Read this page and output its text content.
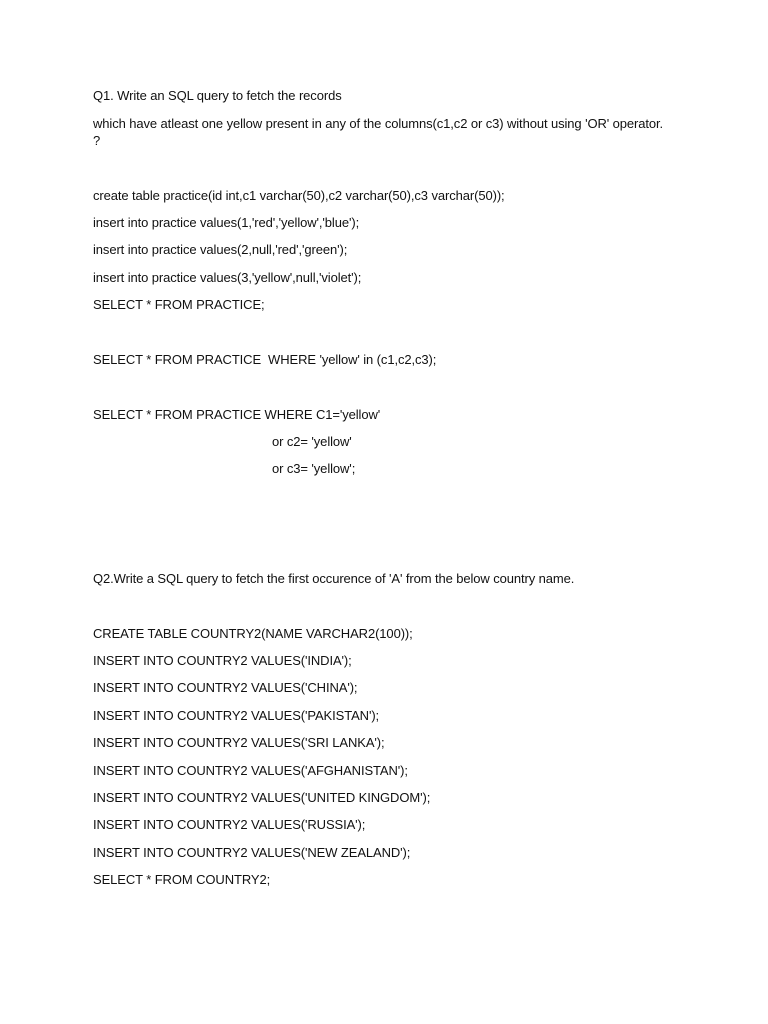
Q1. Write an SQL query to fetch the records
which have atleast one yellow present in any of the columns(c1,c2 or c3) without using 'OR' operator.
?
create table practice(id int,c1 varchar(50),c2 varchar(50),c3 varchar(50));
insert into practice values(1,'red','yellow','blue');
insert into practice values(2,null,'red','green');
insert into practice values(3,'yellow',null,'violet');
SELECT * FROM PRACTICE;
SELECT * FROM PRACTICE  WHERE 'yellow' in (c1,c2,c3);
SELECT * FROM PRACTICE WHERE C1='yellow'
or c2= 'yellow'
or c3= 'yellow';
Q2.Write a SQL query to fetch the first occurence of 'A' from the below country name.
CREATE TABLE COUNTRY2(NAME VARCHAR2(100));
INSERT INTO COUNTRY2 VALUES('INDIA');
INSERT INTO COUNTRY2 VALUES('CHINA');
INSERT INTO COUNTRY2 VALUES('PAKISTAN');
INSERT INTO COUNTRY2 VALUES('SRI LANKA');
INSERT INTO COUNTRY2 VALUES('AFGHANISTAN');
INSERT INTO COUNTRY2 VALUES('UNITED KINGDOM');
INSERT INTO COUNTRY2 VALUES('RUSSIA');
INSERT INTO COUNTRY2 VALUES('NEW ZEALAND');
SELECT * FROM COUNTRY2;
